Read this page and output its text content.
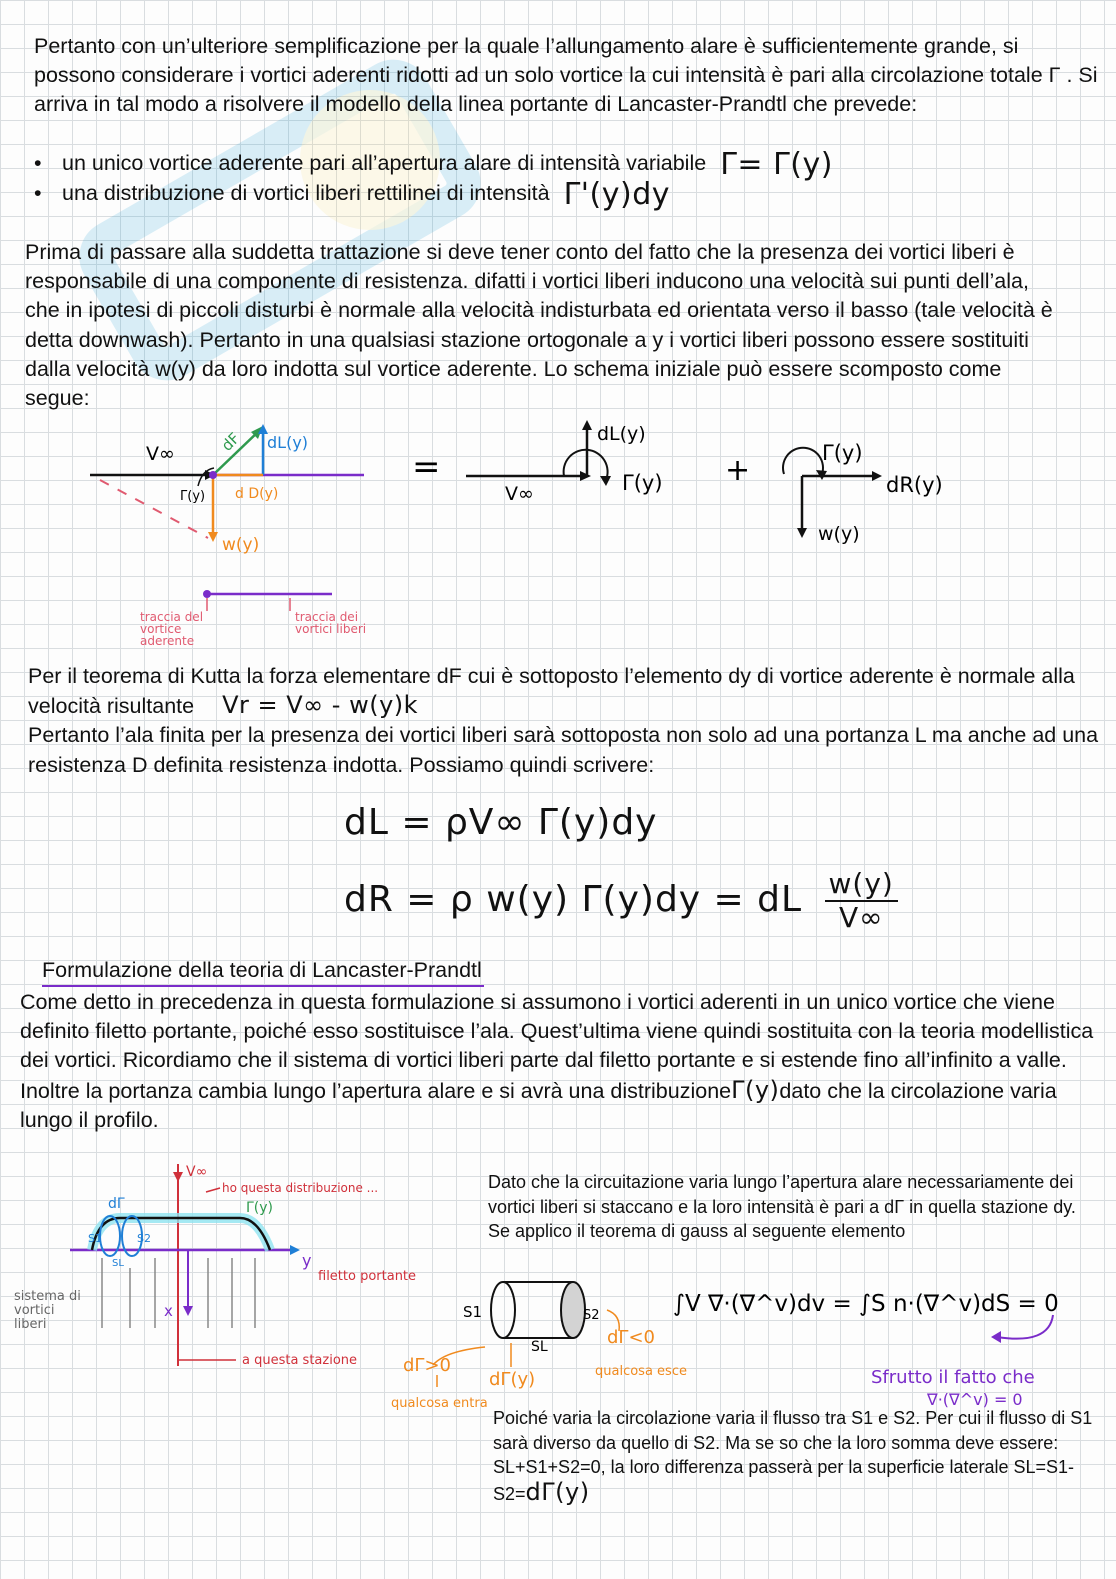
Pertanto con un’ulteriore semplificazione per la quale l’allungamento alare è sufficientemente grande, si possono considerare i vortici aderenti ridotti ad un solo vortice la cui intensità è pari alla circolazione totale Γ . Si arriva in tal modo a risolvere il modello della linea portante di Lancaster-Prandtl che prevede:

• un unico vortice aderente pari all’apertura alare di intensità variabile Γ= Γ(y)
• una distribuzione di vortici liberi rettilinei di intensità Γ'(y)dy

Prima di passare alla suddetta trattazione si deve tener conto del fatto che la presenza dei vortici liberi è responsabile di una componente di resistenza. difatti i vortici liberi inducono una velocità sui punti dell’ala, che in ipotesi di piccoli disturbi è normale alla velocità indisturbata ed orientata verso il basso (tale velocità è detta downwash). Pertanto in una qualsiasi stazione ortogonale a y i vortici liberi possono essere sostituiti dalla velocità w(y) da loro indotta sul vortice aderente. Lo schema iniziale può essere scomposto come segue:

V∞	dF dL(y)
d D(y)
w(y)
Γ(y)
=
V∞
dL(y)
Γ(y) +	Γ(y)
dR(y)
w(y)
traccia del vortice aderente
traccia dei vortici liberi

Per il teorema di Kutta la forza elementare dF cui è sottoposto l’elemento dy di vortice aderente è normale alla velocità risultante Vr = V∞ - w(y)k
Pertanto l’ala finita per la presenza dei vortici liberi sarà sottoposta non solo ad una portanza L ma anche ad una resistenza D definita resistenza indotta. Possiamo quindi scrivere:

dL = ρV∞ Γ(y)dy
dR = ρ w(y) Γ(y)dy = dL $\frac{w(y)}{V\infty}$
Formulazione della teoria di Lancaster-Prandtl

Come detto in precedenza in questa formulazione si assumono i vortici aderenti in un unico vortice che viene definito filetto portante, poiché esso sostituisce l’ala. Quest’ultima viene quindi sostituita con la teoria modellistica dei vortici. Ricordiamo che il sistema di vortici liberi parte dal filetto portante e si estende fino all’infinito a valle. Inoltre la portanza cambia lungo l’apertura alare e si avrà una distribuzioneΓ(y)dato che la circolazione varia lungo il profilo.

V∞
y
x
dΓ
S1	S2
SL
Γ(y)
ho questa distribuzione ...
filetto portante
a questa stazione
sistema di vortici liberi

Dato che la circuitazione varia lungo l’apertura alare necessariamente dei vortici liberi si staccano e la loro intensità è pari a dΓ in quella stazione dy. Se applico il teorema di gauss al seguente elemento

S1	S2
SL
∫V ∇·(∇^v)dv = ∫S n·(∇^v)dS = 0
dΓ<0
dΓ>0
dΓ(y)	qualcosa esce
qualcosa entra
Sfrutto il fatto che
∇·(∇^v) = 0

Poiché varia la circolazione varia il flusso tra S1 e S2. Per cui il flusso di S1 sarà diverso da quello di S2. Ma se so che la loro somma deve essere: SL+S1+S2=0, la loro differenza passerà per la superficie laterale SL=S1-S2=dΓ(y)
